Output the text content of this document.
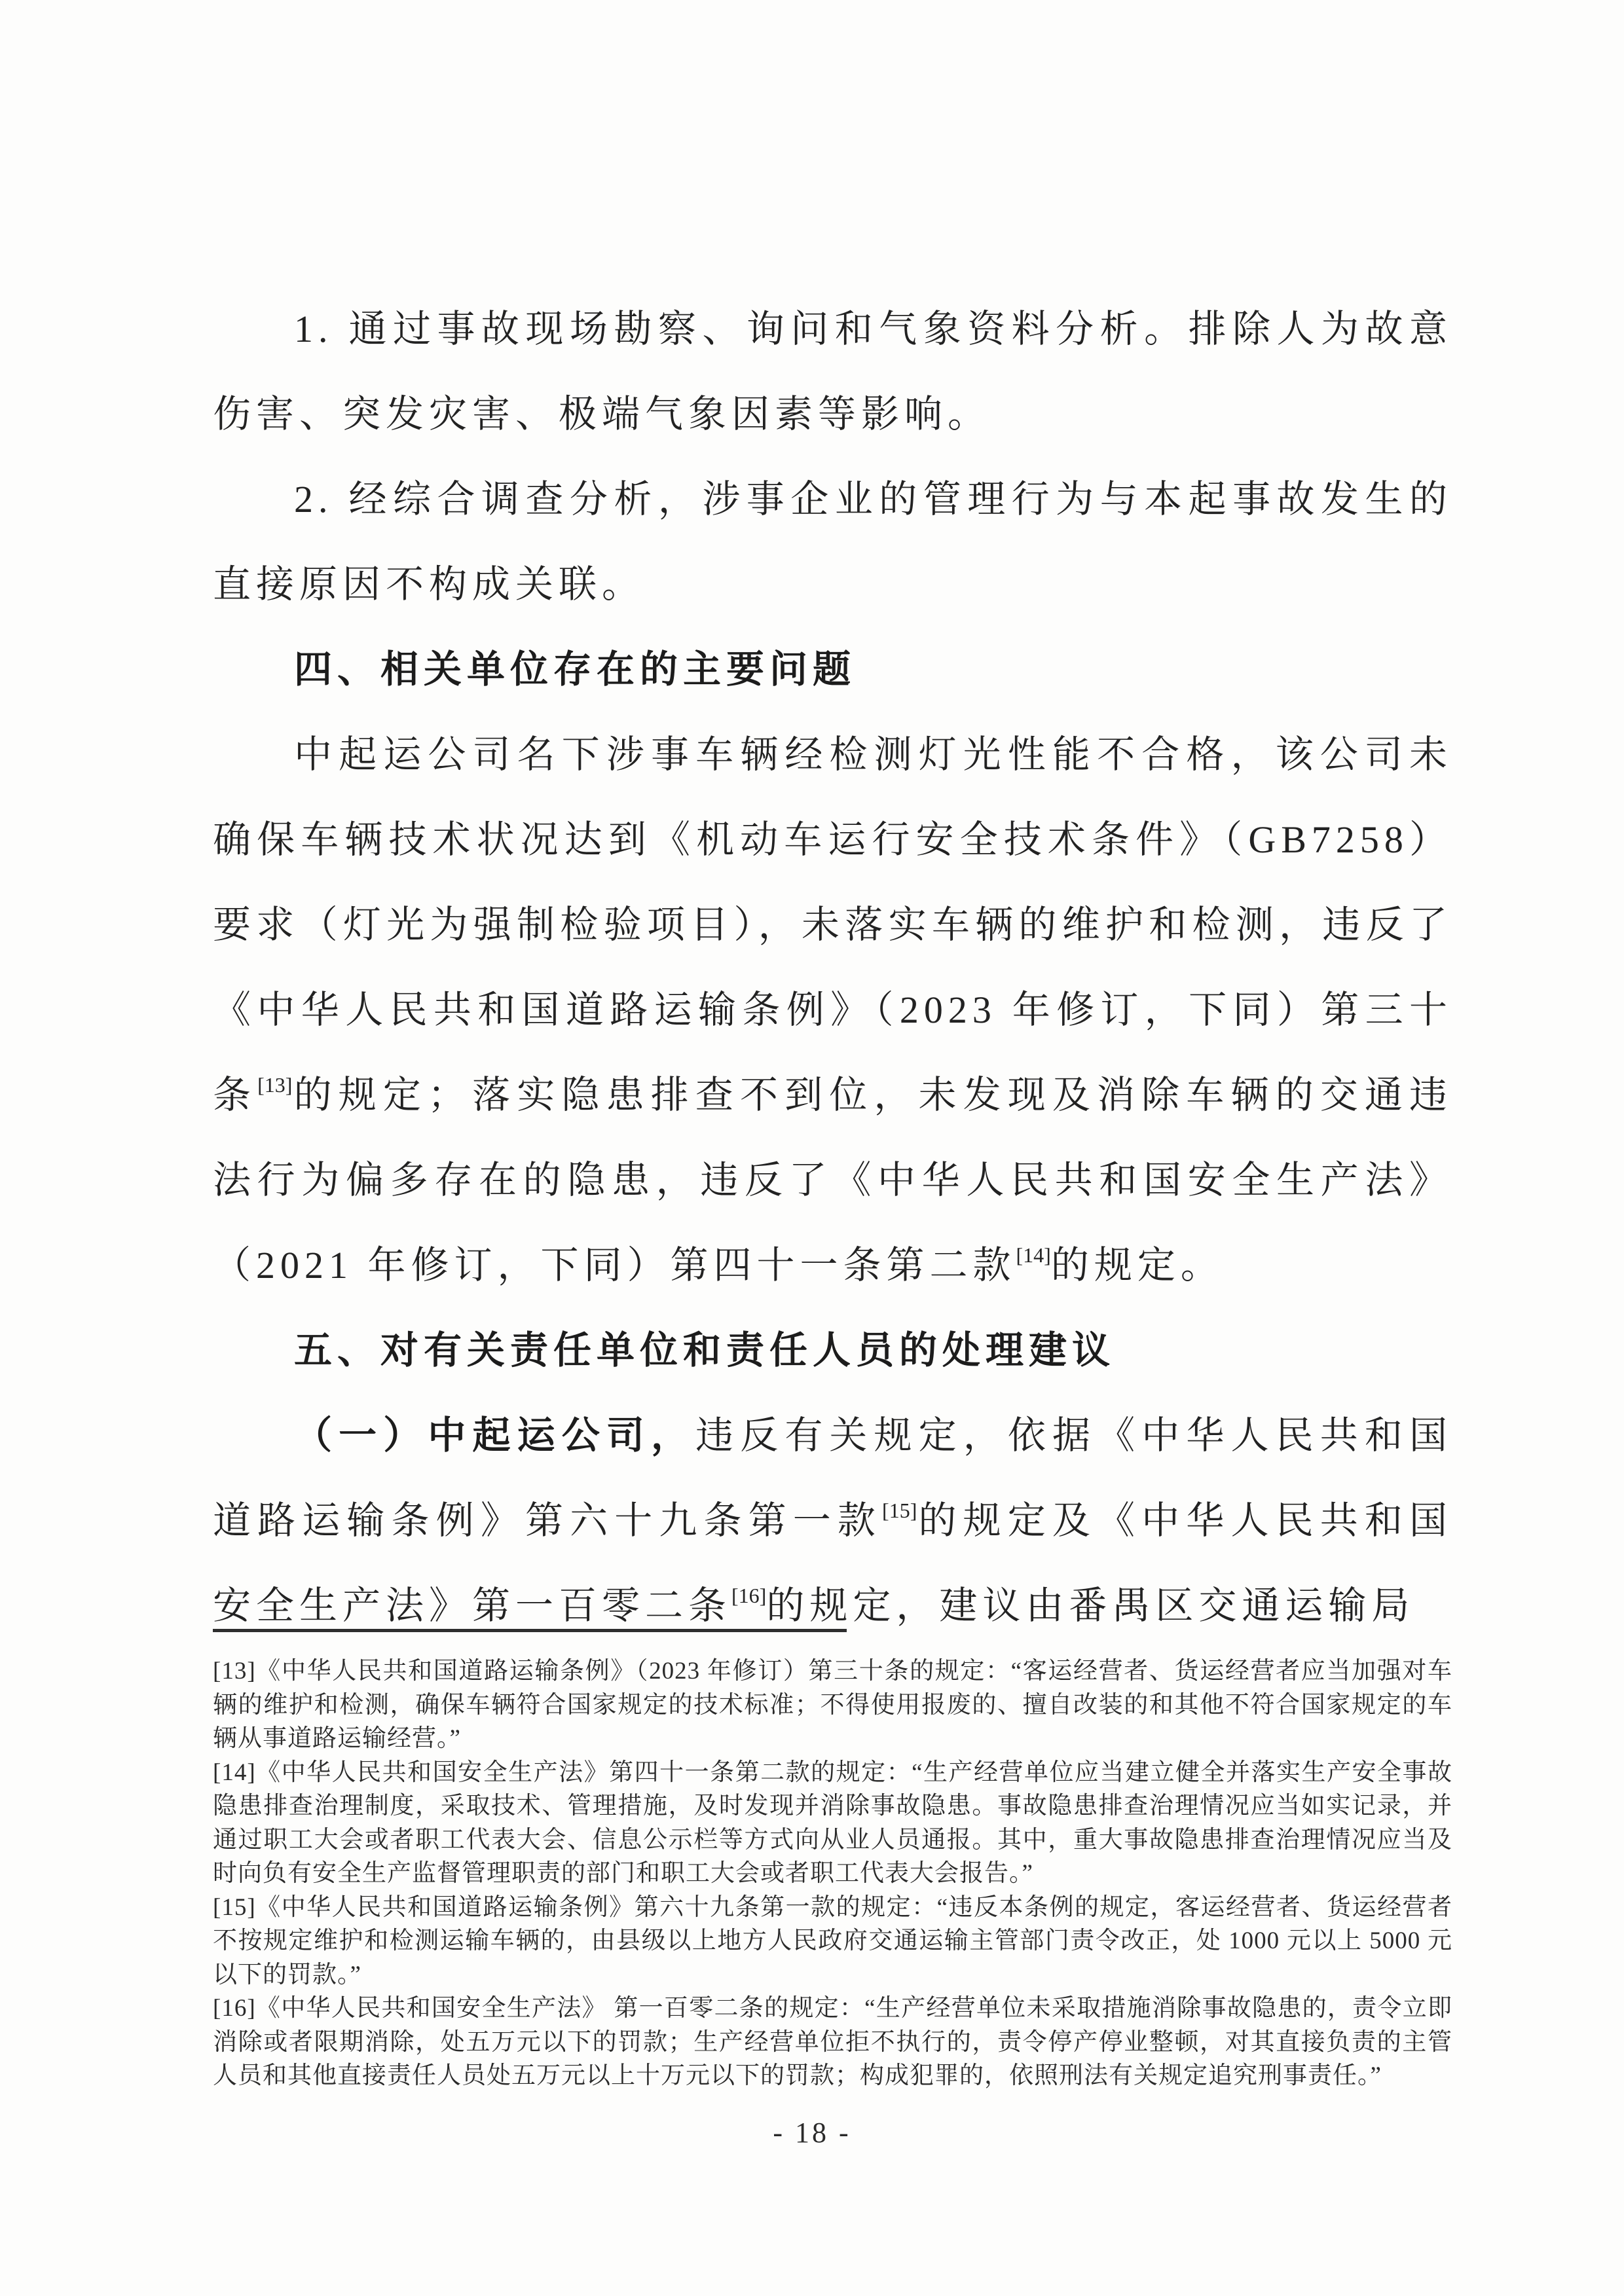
1. 通过事故现场勘察、询问和气象资料分析。排除人为故意伤害、突发灾害、极端气象因素等影响。

2. 经综合调查分析，涉事企业的管理行为与本起事故发生的直接原因不构成关联。

四、相关单位存在的主要问题

中起运公司名下涉事车辆经检测灯光性能不合格，该公司未确保车辆技术状况达到《机动车运行安全技术条件》（GB7258）要求（灯光为强制检验项目），未落实车辆的维护和检测，违反了《中华人民共和国道路运输条例》（2023 年修订，下同）第三十条[13]的规定；落实隐患排查不到位，未发现及消除车辆的交通违法行为偏多存在的隐患，违反了《中华人民共和国安全生产法》（2021 年修订，下同）第四十一条第二款[14]的规定。

五、对有关责任单位和责任人员的处理建议

（一）中起运公司，违反有关规定，依据《中华人民共和国道路运输条例》第六十九条第一款[15]的规定及《中华人民共和国安全生产法》第一百零二条[16]的规定，建议由番禺区交通运输局

[13]《中华人民共和国道路运输条例》（2023 年修订）第三十条的规定：“客运经营者、货运经营者应当加强对车辆的维护和检测，确保车辆符合国家规定的技术标准；不得使用报废的、擅自改装的和其他不符合国家规定的车辆从事道路运输经营。”

[14]《中华人民共和国安全生产法》第四十一条第二款的规定：“生产经营单位应当建立健全并落实生产安全事故隐患排查治理制度，采取技术、管理措施，及时发现并消除事故隐患。事故隐患排查治理情况应当如实记录，并通过职工大会或者职工代表大会、信息公示栏等方式向从业人员通报。其中，重大事故隐患排查治理情况应当及时向负有安全生产监督管理职责的部门和职工大会或者职工代表大会报告。”

[15]《中华人民共和国道路运输条例》第六十九条第一款的规定：“违反本条例的规定，客运经营者、货运经营者不按规定维护和检测运输车辆的，由县级以上地方人民政府交通运输主管部门责令改正，处 1000 元以上 5000 元以下的罚款。”

[16]《中华人民共和国安全生产法》 第一百零二条的规定：“生产经营单位未采取措施消除事故隐患的，责令立即消除或者限期消除，处五万元以下的罚款；生产经营单位拒不执行的，责令停产停业整顿，对其直接负责的主管人员和其他直接责任人员处五万元以上十万元以下的罚款；构成犯罪的，依照刑法有关规定追究刑事责任。”

- 18 -
